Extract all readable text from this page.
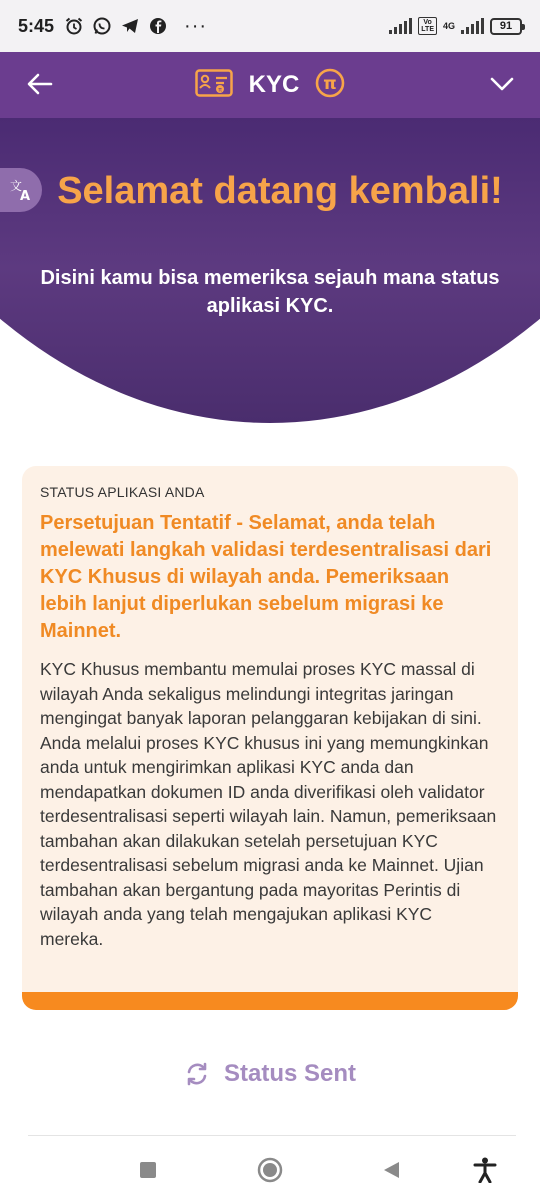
5:45	···	Vo
LTE	4G	91
π KYC π
文
A Selamat datang kembali!
Disini kamu bisa memeriksa sejauh mana status aplikasi KYC.
STATUS APLIKASI ANDA
Persetujuan Tentatif - Selamat, anda telah melewati langkah validasi terdesentralisasi dari KYC Khusus di wilayah anda. Pemeriksaan lebih lanjut diperlukan sebelum migrasi ke Mainnet.
KYC Khusus membantu memulai proses KYC massal di wilayah Anda sekaligus melindungi integritas jaringan mengingat banyak laporan pelanggaran kebijakan di sini. Anda melalui proses KYC khusus ini yang memungkinkan anda untuk mengirimkan aplikasi KYC anda dan mendapatkan dokumen ID anda diverifikasi oleh validator terdesentralisasi seperti wilayah lain. Namun, pemeriksaan tambahan akan dilakukan setelah persetujuan KYC terdesentralisasi sebelum migrasi anda ke Mainnet. Ujian tambahan akan bergantung pada mayoritas Perintis di wilayah anda yang telah mengajukan aplikasi KYC mereka.
Status Sent
